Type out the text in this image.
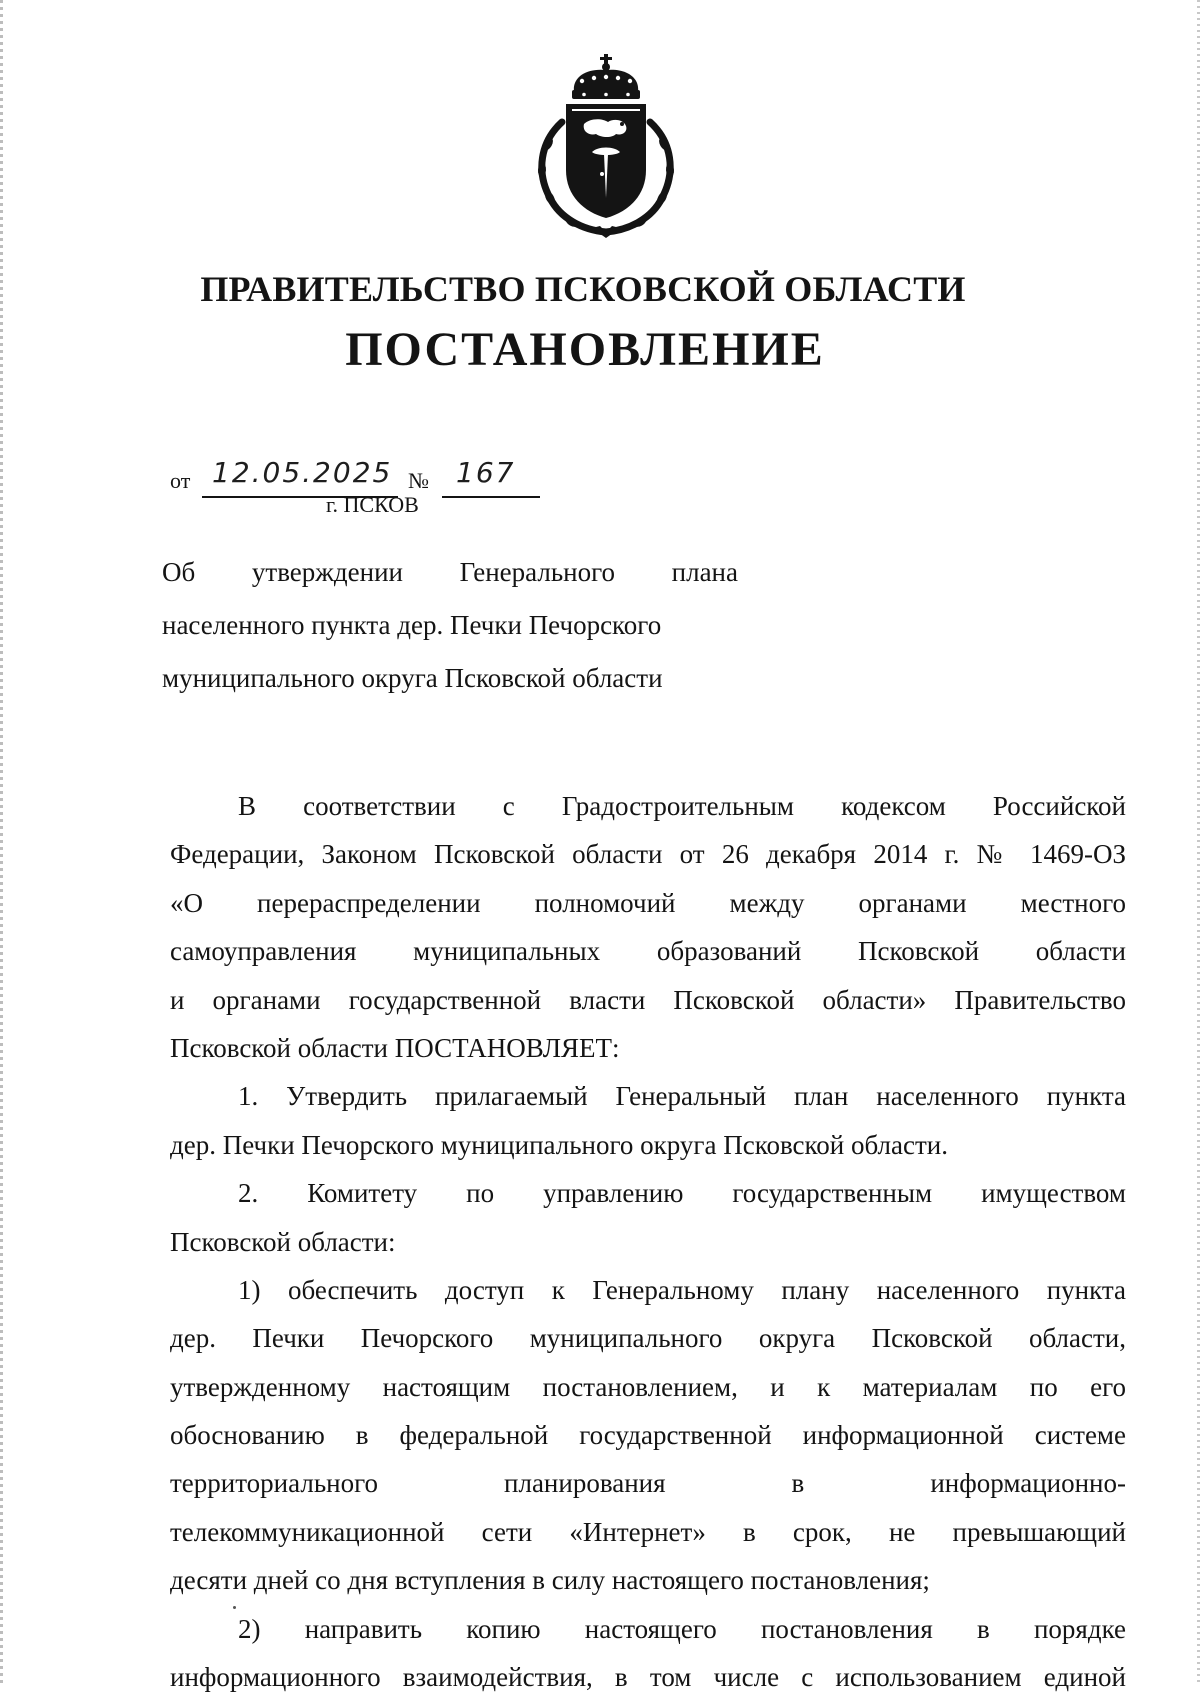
ПРАВИТЕЛЬСТВО ПСКОВСКОЙ ОБЛАСТИ
ПОСТАНОВЛЕНИЕ
от 12.05.2025 № 167
г. ПСКОВ
Об утверждении Генерального плана
населенного пункта дер. Печки Печорского
муниципального округа Псковской области
В соответствии с Градостроительным кодексом Российской
Федерации, Законом Псковской области от 26 декабря 2014 г. № 1469-ОЗ
«О перераспределении полномочий между органами местного
самоуправления муниципальных образований Псковской области
и органами государственной власти Псковской области» Правительство
Псковской области ПОСТАНОВЛЯЕТ:
1. Утвердить прилагаемый Генеральный план населенного пункта
дер. Печки Печорского муниципального округа Псковской области.
2. Комитету по управлению государственным имуществом
Псковской области:
1) обеспечить доступ к Генеральному плану населенного пункта
дер. Печки Печорского муниципального округа Псковской области,
утвержденному настоящим постановлением, и к материалам по его
обоснованию в федеральной государственной информационной системе
территориального планирования в информационно-
телекоммуникационной сети «Интернет» в срок, не превышающий
десяти дней со дня вступления в силу настоящего постановления;
2) направить копию настоящего постановления в порядке
информационного взаимодействия, в том числе с использованием единой
